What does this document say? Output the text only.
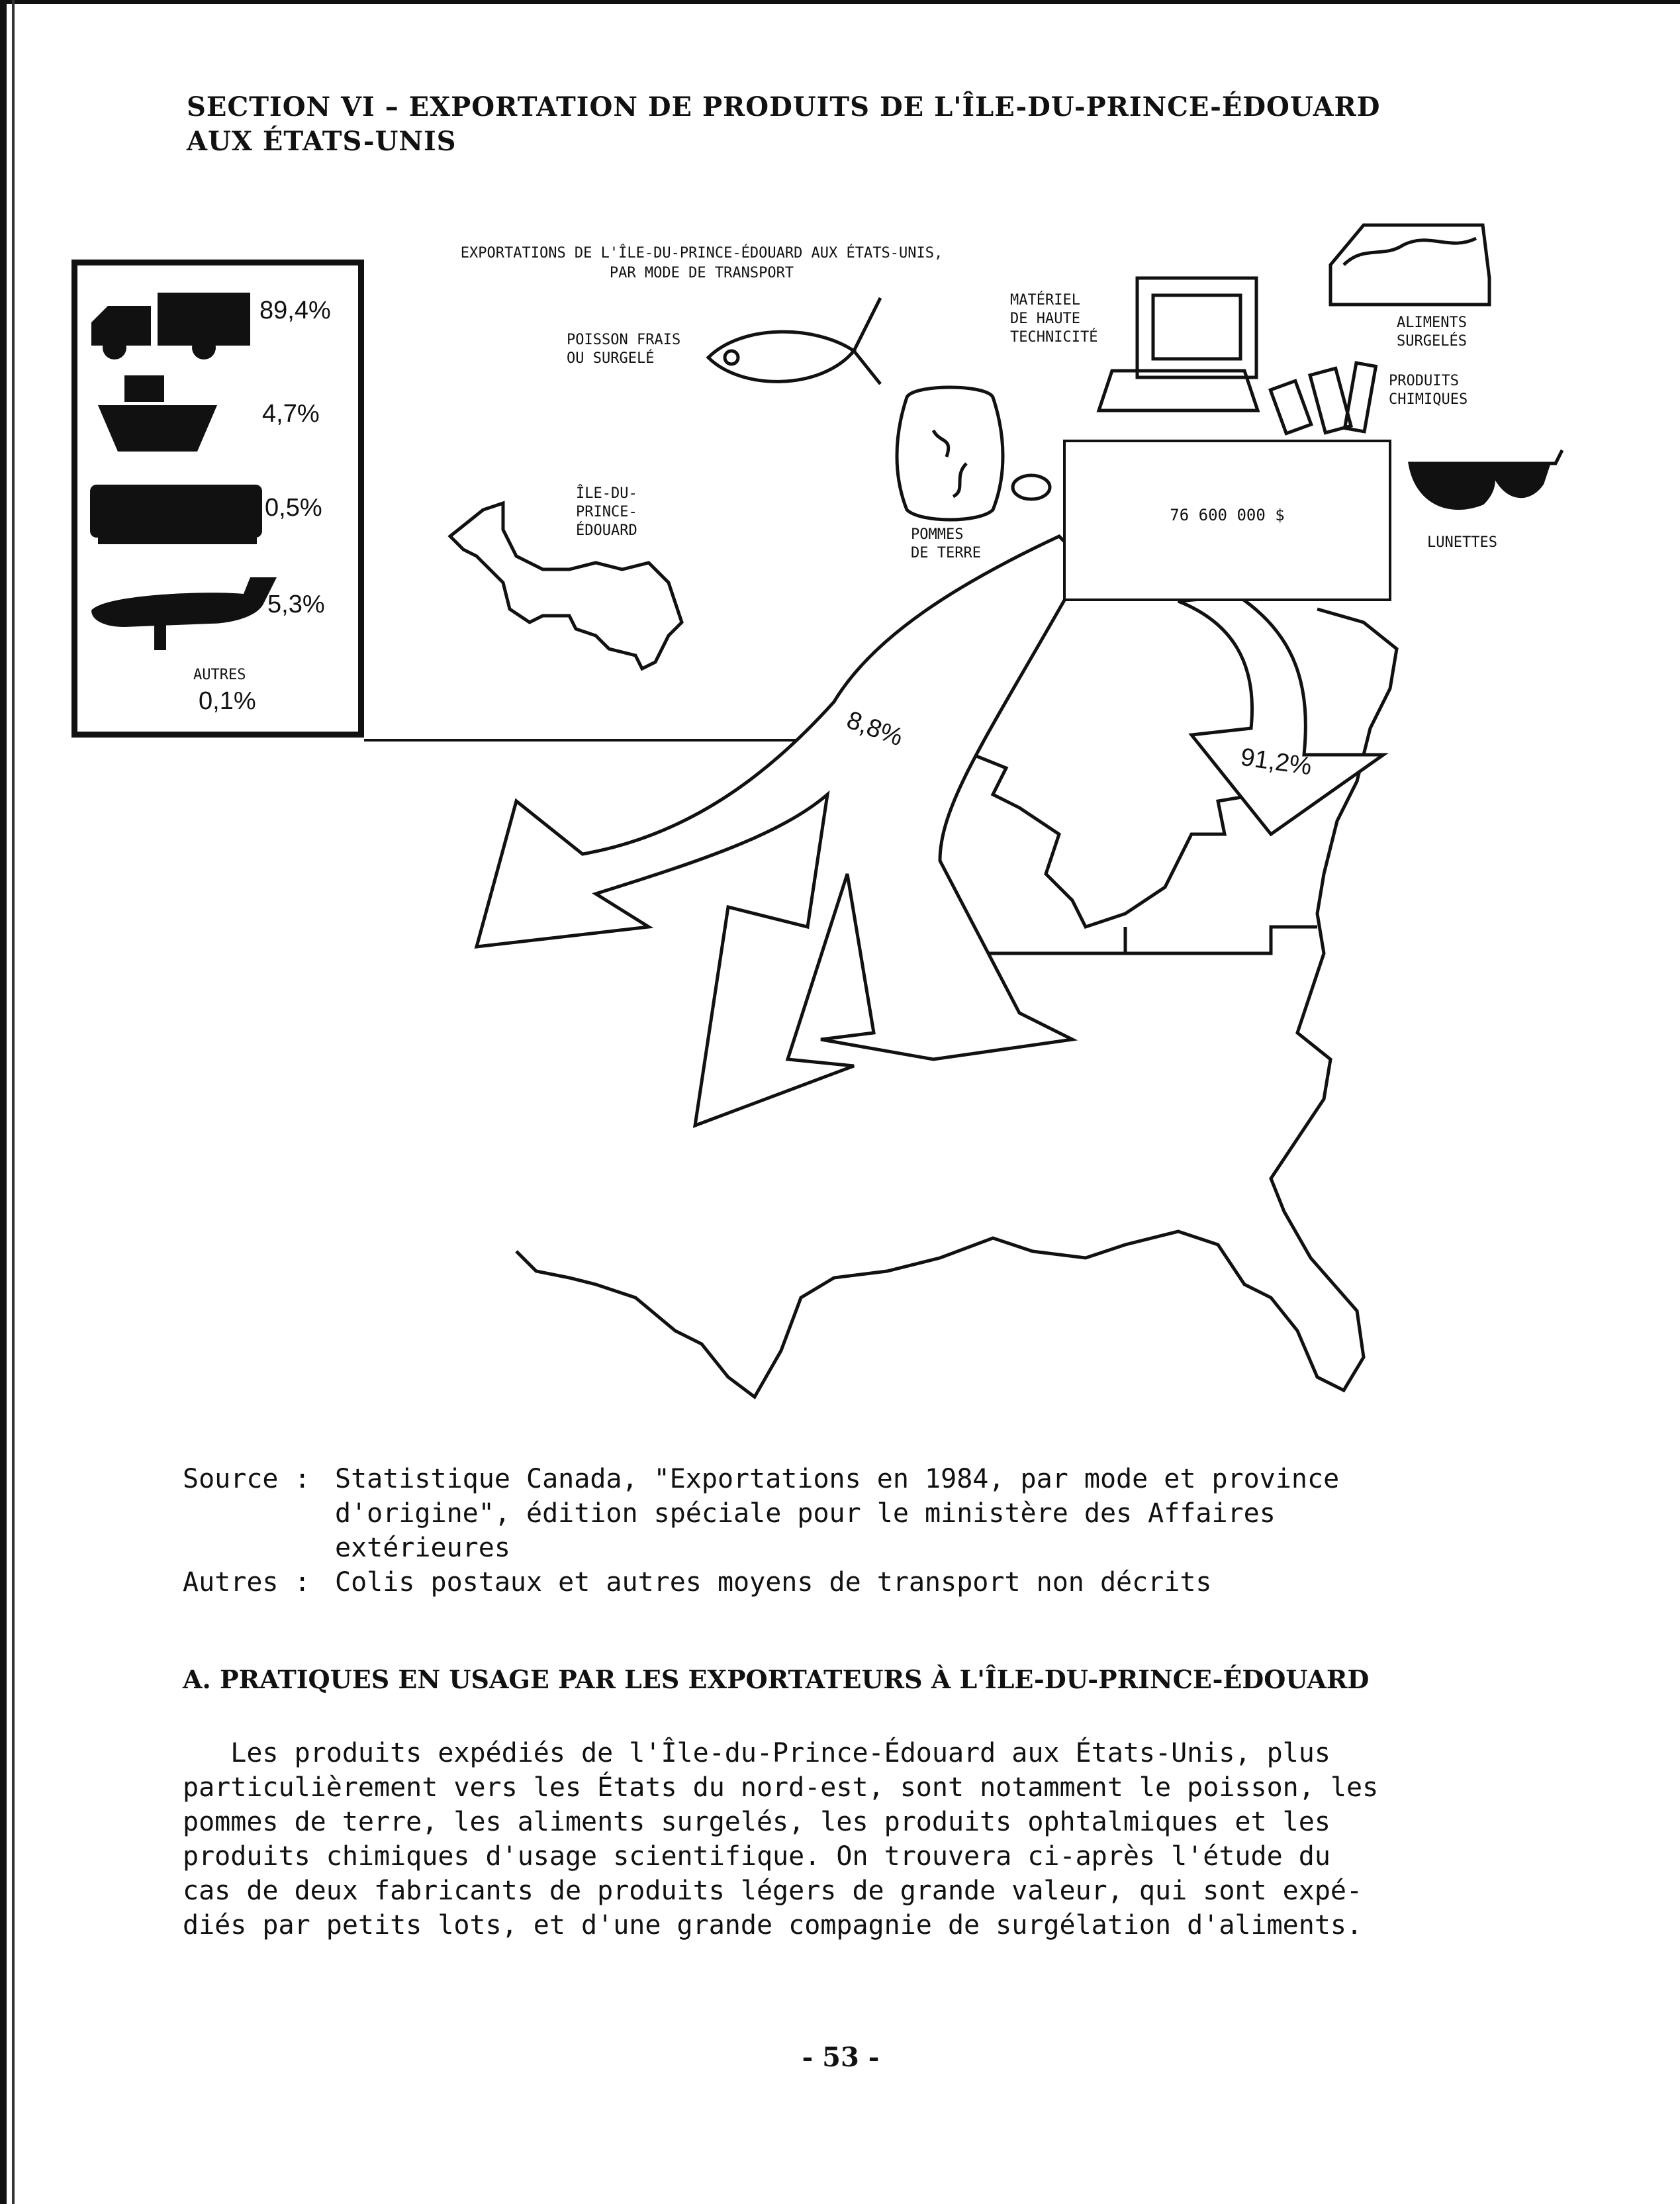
SECTION VI – EXPORTATION DE PRODUITS DE L'ÎLE-DU-PRINCE-ÉDOUARD AUX ÉTATS-UNIS
89,4%
4,7%
0,5%
5,3%
AUTRES
0,1%
EXPORTATIONS DE L'ÎLE-DU-PRINCE-ÉDOUARD AUX ÉTATS-UNIS,
PAR MODE DE TRANSPORT
POISSON FRAIS
OU SURGELÉ
MATÉRIEL
DE HAUTE
TECHNICITÉ
ALIMENTS
SURGELÉS
PRODUITS
CHIMIQUES
POMMES
DE TERRE
LUNETTES
ÎLE-DU-
PRINCE-
ÉDOUARD
76 600 000 $
8,8%
91,2%
Source : Statistique Canada, "Exportations en 1984, par mode et province
d'origine", édition spéciale pour le ministère des Affaires
extérieures
Autres : Colis postaux et autres moyens de transport non décrits
A. PRATIQUES EN USAGE PAR LES EXPORTATEURS À L'ÎLE-DU-PRINCE-ÉDOUARD
Les produits expédiés de l'Île-du-Prince-Édouard aux États-Unis, plus
particulièrement vers les États du nord-est, sont notamment le poisson, les
pommes de terre, les aliments surgelés, les produits ophtalmiques et les
produits chimiques d'usage scientifique. On trouvera ci-après l'étude du
cas de deux fabricants de produits légers de grande valeur, qui sont expé-
diés par petits lots, et d'une grande compagnie de surgélation d'aliments.
- 53 -
